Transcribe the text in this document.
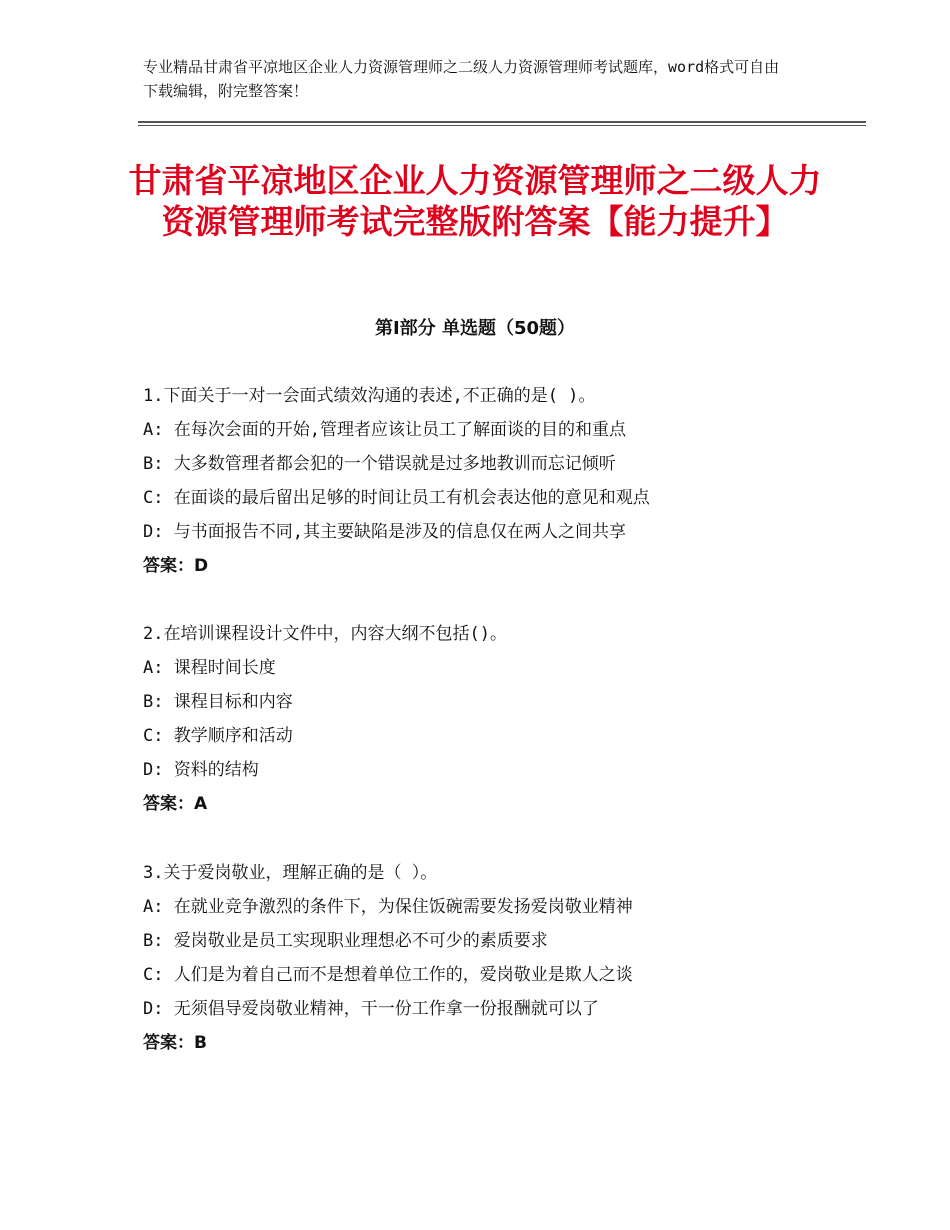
专业精品甘肃省平凉地区企业人力资源管理师之二级人力资源管理师考试题库，word格式可自由下载编辑，附完整答案！
甘肃省平凉地区企业人力资源管理师之二级人力资源管理师考试完整版附答案【能力提升】
第Ⅰ部分 单选题（50题）
1.下面关于一对一会面式绩效沟通的表述,不正确的是( )。
A: 在每次会面的开始,管理者应该让员工了解面谈的目的和重点
B: 大多数管理者都会犯的一个错误就是过多地教训而忘记倾听
C: 在面谈的最后留出足够的时间让员工有机会表达他的意见和观点
D: 与书面报告不同,其主要缺陷是涉及的信息仅在两人之间共享
答案：D
2.在培训课程设计文件中，内容大纲不包括()。
A: 课程时间长度
B: 课程目标和内容
C: 教学顺序和活动
D: 资料的结构
答案：A
3.关于爱岗敬业，理解正确的是（ ）。
A: 在就业竞争激烈的条件下，为保住饭碗需要发扬爱岗敬业精神
B: 爱岗敬业是员工实现职业理想必不可少的素质要求
C: 人们是为着自己而不是想着单位工作的，爱岗敬业是欺人之谈
D: 无须倡导爱岗敬业精神，干一份工作拿一份报酬就可以了
答案：B
